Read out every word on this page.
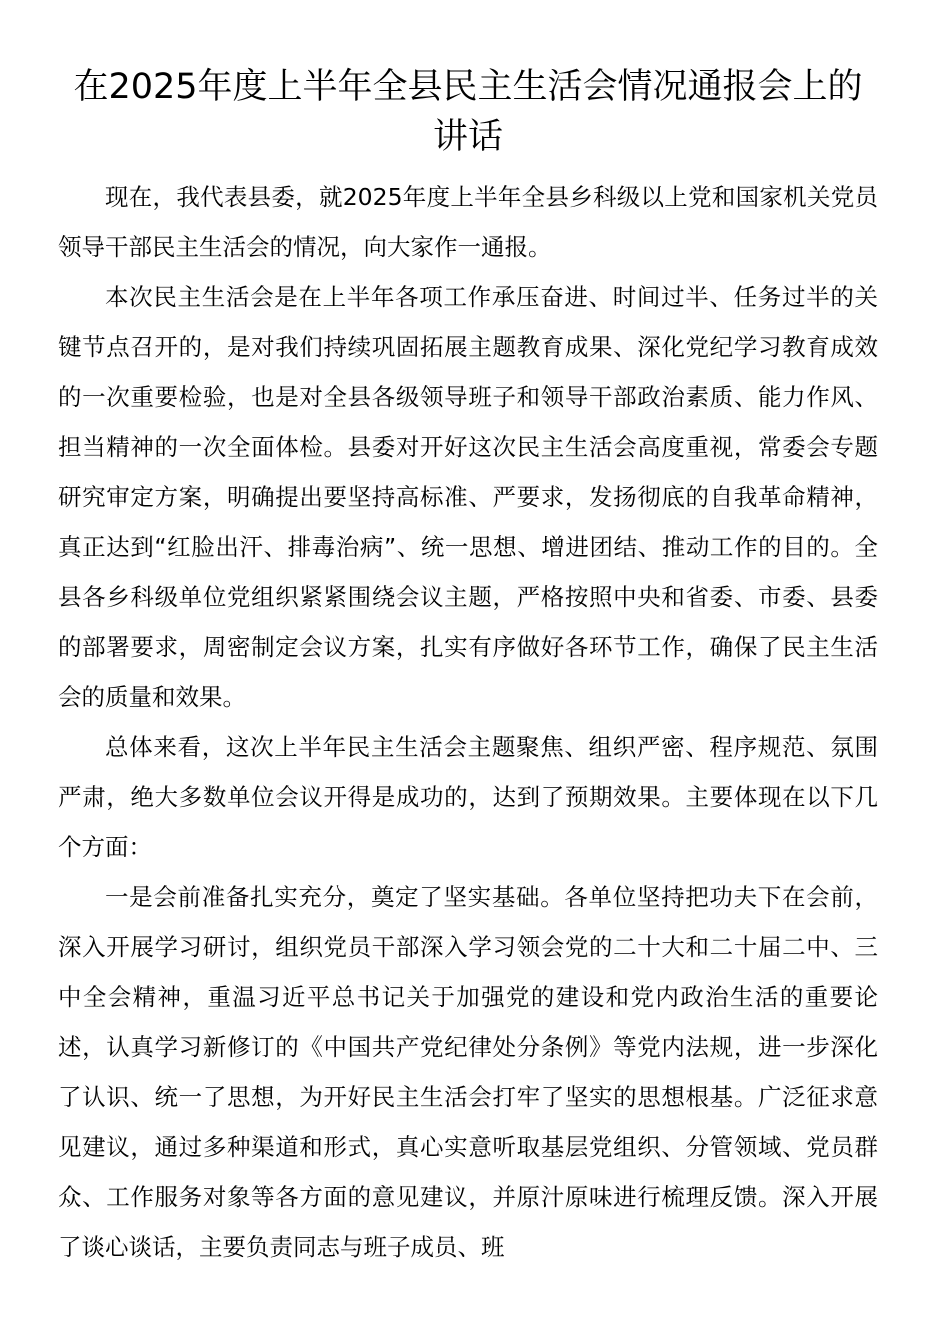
在2025年度上半年全县民主生活会情况通报会上的讲话

现在，我代表县委，就2025年度上半年全县乡科级以上党和国家机关党员领导干部民主生活会的情况，向大家作一通报。

本次民主生活会是在上半年各项工作承压奋进、时间过半、任务过半的关键节点召开的，是对我们持续巩固拓展主题教育成果、深化党纪学习教育成效的一次重要检验，也是对全县各级领导班子和领导干部政治素质、能力作风、担当精神的一次全面体检。县委对开好这次民主生活会高度重视，常委会专题研究审定方案，明确提出要坚持高标准、严要求，发扬彻底的自我革命精神，真正达到“红脸出汗、排毒治病”、统一思想、增进团结、推动工作的目的。全县各乡科级单位党组织紧紧围绕会议主题，严格按照中央和省委、市委、县委的部署要求，周密制定会议方案，扎实有序做好各环节工作，确保了民主生活会的质量和效果。

总体来看，这次上半年民主生活会主题聚焦、组织严密、程序规范、氛围严肃，绝大多数单位会议开得是成功的，达到了预期效果。主要体现在以下几个方面：

一是会前准备扎实充分，奠定了坚实基础。各单位坚持把功夫下在会前，深入开展学习研讨，组织党员干部深入学习领会党的二十大和二十届二中、三中全会精神，重温习近平总书记关于加强党的建设和党内政治生活的重要论述，认真学习新修订的《中国共产党纪律处分条例》等党内法规，进一步深化了认识、统一了思想，为开好民主生活会打牢了坚实的思想根基。广泛征求意见建议，通过多种渠道和形式，真心实意听取基层党组织、分管领域、党员群众、工作服务对象等各方面的意见建议，并原汁原味进行梳理反馈。深入开展了谈心谈话，主要负责同志与班子成员、班
